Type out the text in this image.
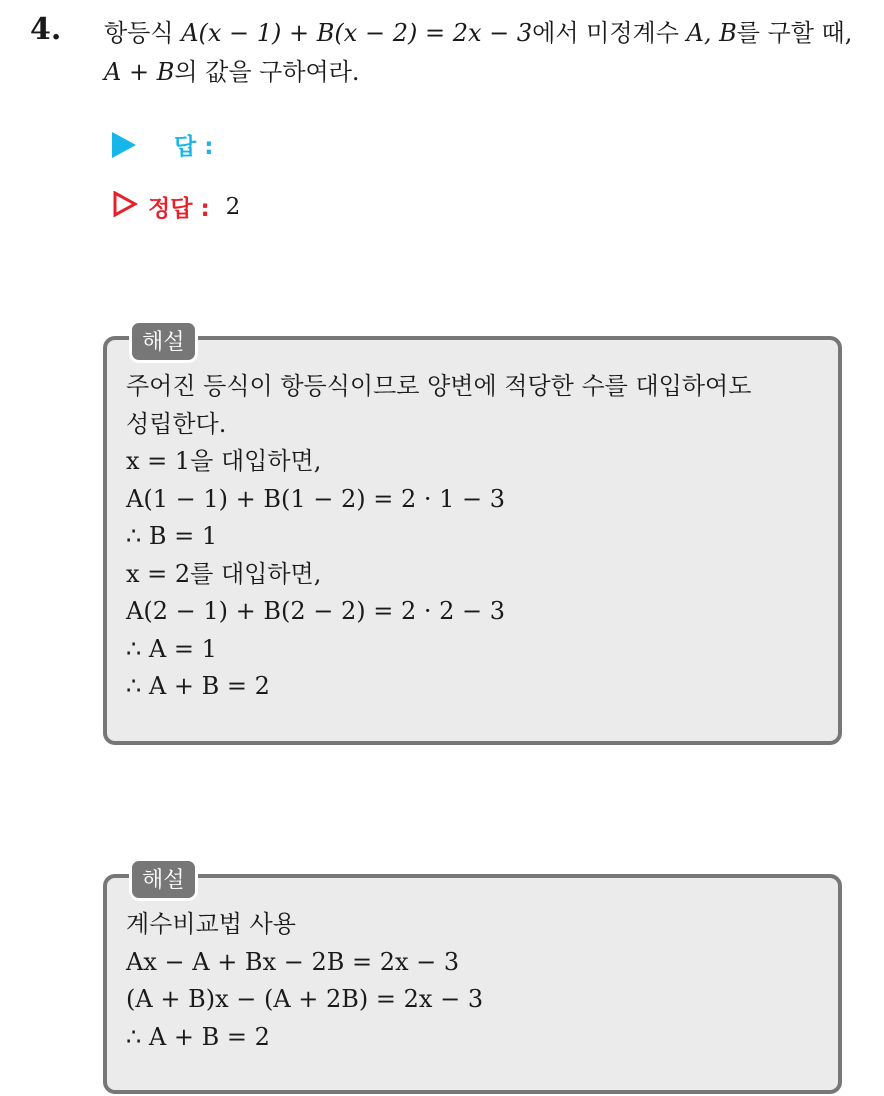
4. 항등식 A(x − 1) + B(x − 2) = 2x − 3에서 미정계수 A, B를 구할 때,
A + B의 값을 구하여라.
답 :
정답 : 2
해설
주어진 등식이 항등식이므로 양변에 적당한 수를 대입하여도
성립한다.
x = 1을 대입하면,
A(1 − 1) + B(1 − 2) = 2 · 1 − 3
∴ B = 1
x = 2를 대입하면,
A(2 − 1) + B(2 − 2) = 2 · 2 − 3
∴ A = 1
∴ A + B = 2
해설
계수비교법 사용
Ax − A + Bx − 2B = 2x − 3
(A + B)x − (A + 2B) = 2x − 3
∴ A + B = 2
